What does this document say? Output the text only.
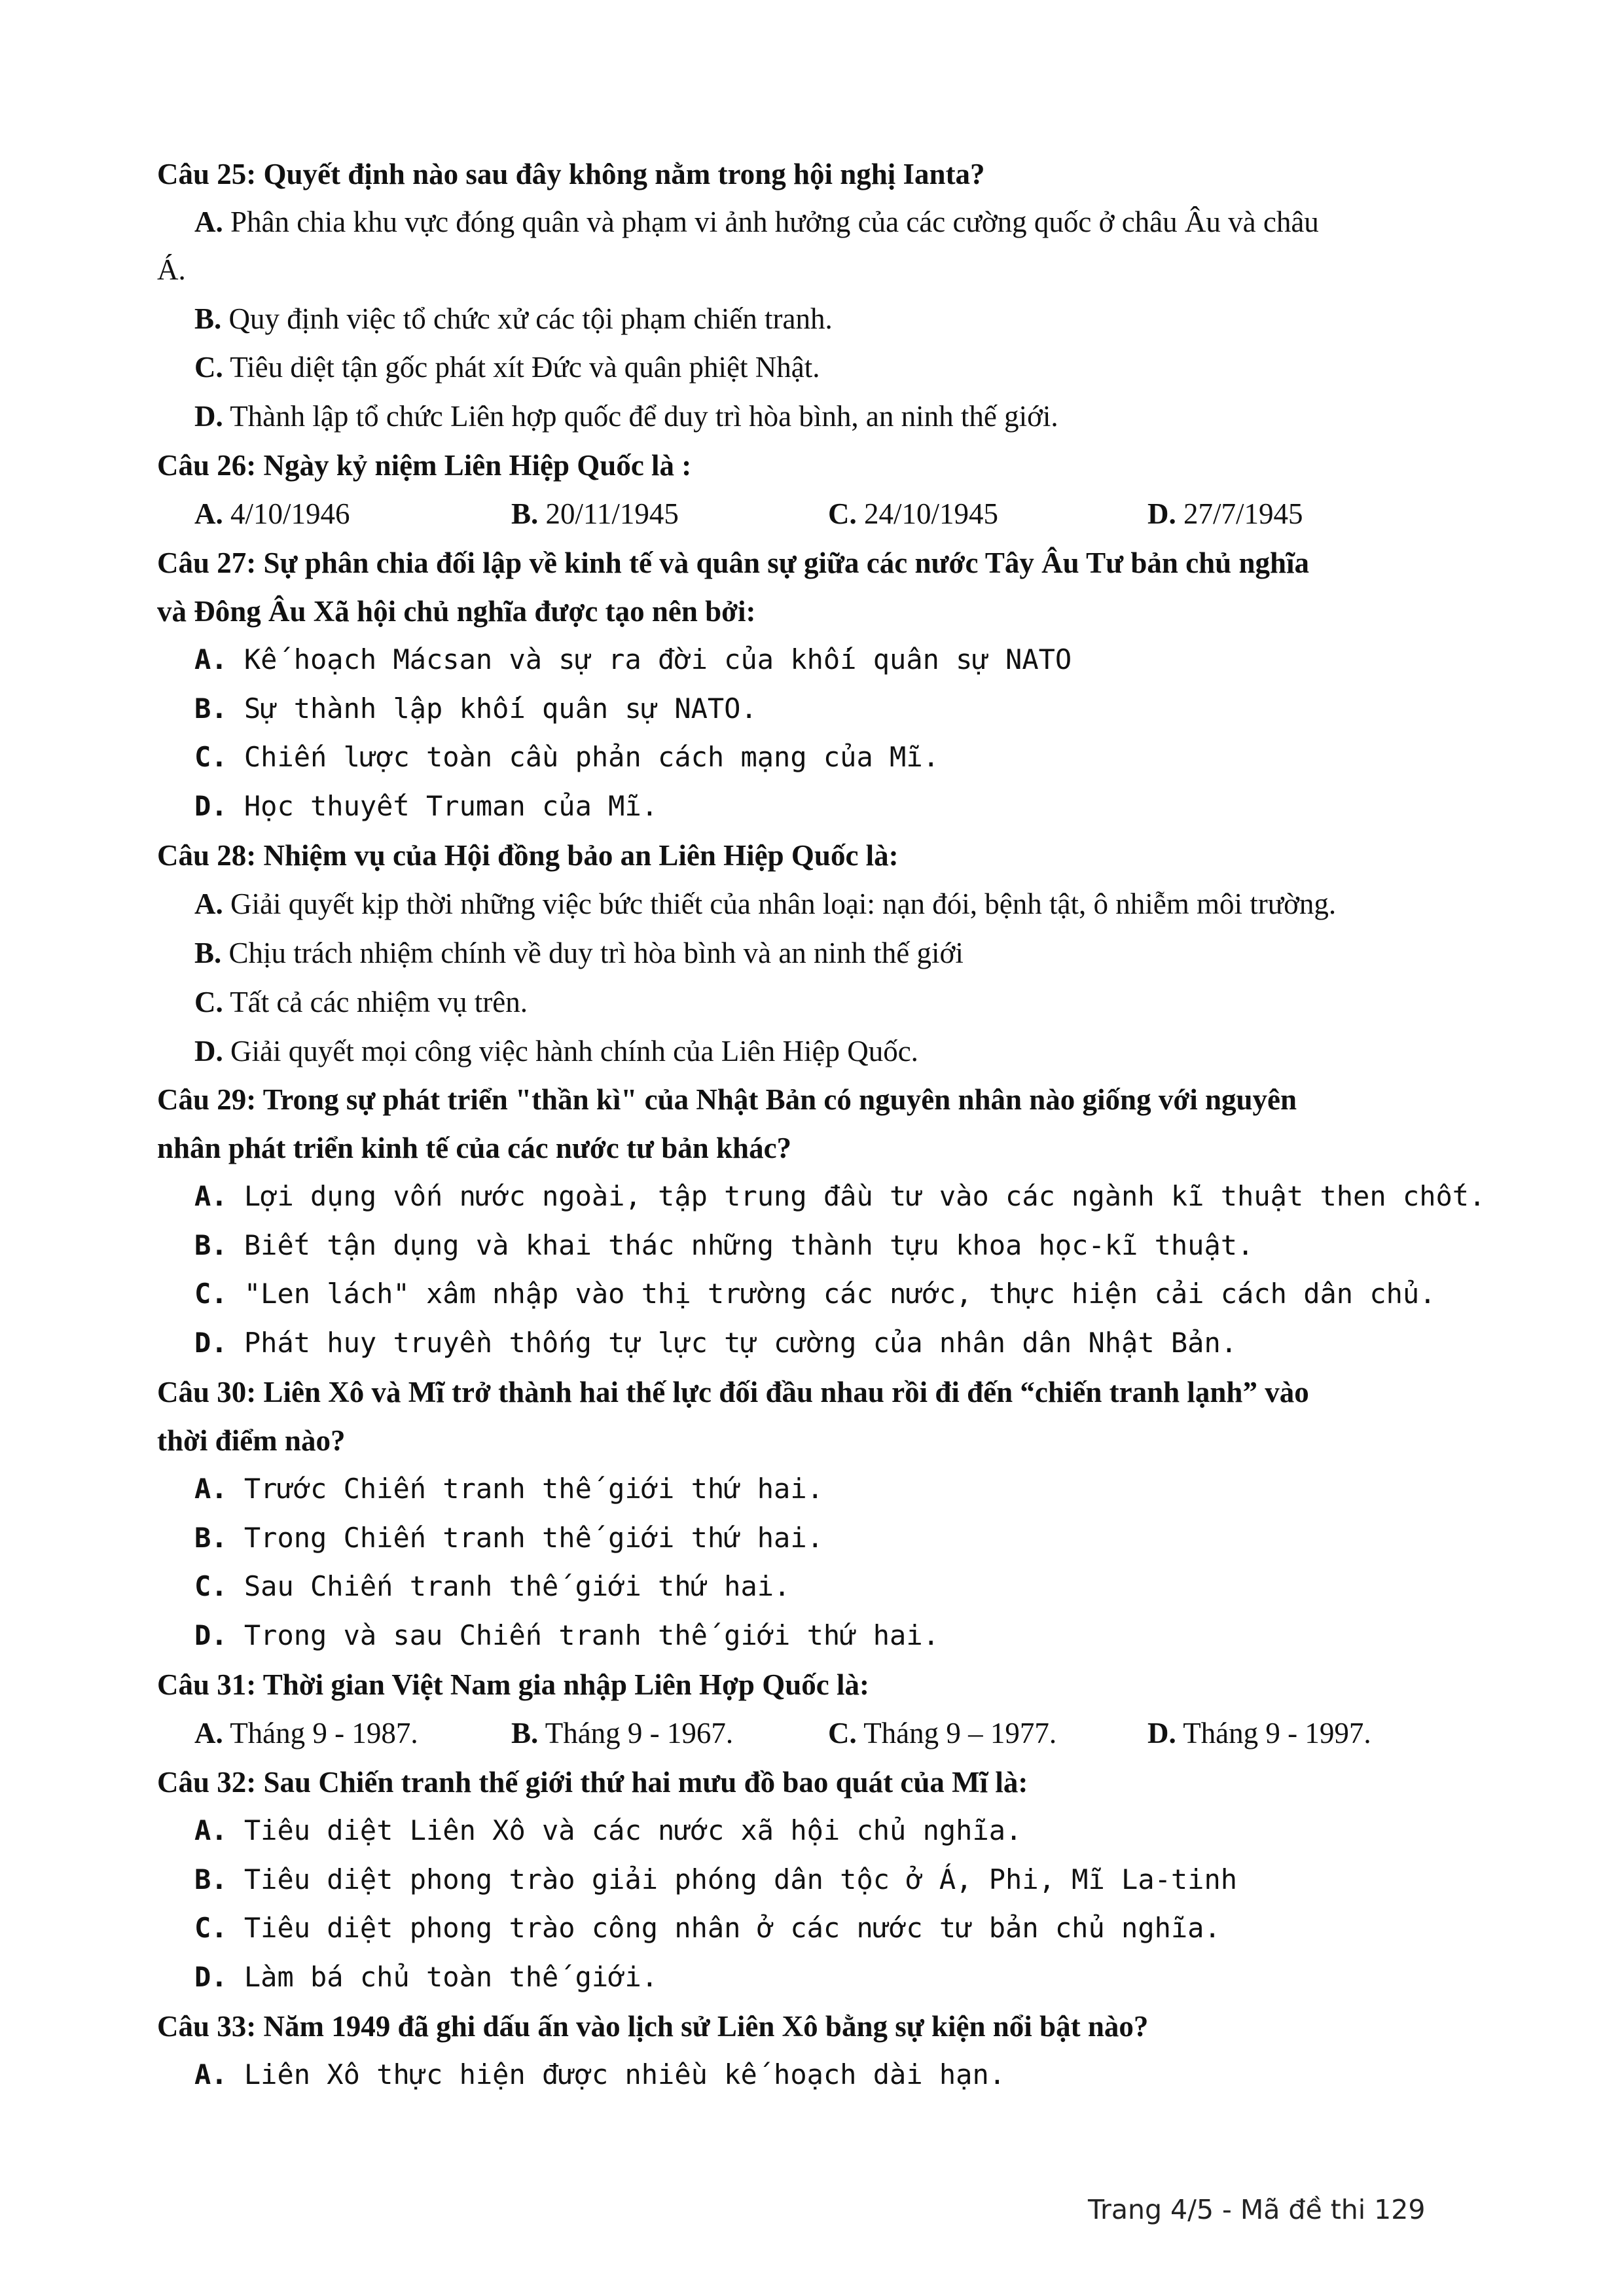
Câu 25: Quyết định nào sau đây không nằm trong hội nghị Ianta?
A. Phân chia khu vực đóng quân và phạm vi ảnh hưởng của các cường quốc ở châu Âu và châu
Á.
B. Quy định việc tổ chức xử các tội phạm chiến tranh.
C. Tiêu diệt tận gốc phát xít Đức và quân phiệt Nhật.
D. Thành lập tổ chức Liên hợp quốc để duy trì hòa bình, an ninh thế giới.
Câu 26: Ngày kỷ niệm Liên Hiệp Quốc là :
A. 4/10/1946	B. 20/11/1945	C. 24/10/1945	D. 27/7/1945
Câu 27: Sự phân chia đối lập về kinh tế và quân sự giữa các nước Tây Âu Tư bản chủ nghĩa
và Đông Âu Xã hội chủ nghĩa được tạo nên bởi:
A. Kế hoạch Mácsan và sự ra đời của khối quân sự NATO
B. Sự thành lập khối quân sự NATO.
C. Chiến lược toàn cầu phản cách mạng của Mĩ.
D. Học thuyết Truman của Mĩ.
Câu 28: Nhiệm vụ của Hội đồng bảo an Liên Hiệp Quốc là:
A. Giải quyết kịp thời những việc bức thiết của nhân loại: nạn đói, bệnh tật, ô nhiễm môi trường.
B. Chịu trách nhiệm chính về duy trì hòa bình và an ninh thế giới
C. Tất cả các nhiệm vụ trên.
D. Giải quyết mọi công việc hành chính của Liên Hiệp Quốc.
Câu 29: Trong sự phát triển "thần kì" của Nhật Bản có nguyên nhân nào giống với nguyên
nhân phát triển kinh tế của các nước tư bản khác?
A. Lợi dụng vốn nước ngoài, tập trung đầu tư vào các ngành kĩ thuật then chốt.
B. Biết tận dụng và khai thác những thành tựu khoa học-kĩ thuật.
C. "Len lách" xâm nhập vào thị trường các nước, thực hiện cải cách dân chủ.
D. Phát huy truyền thống tự lực tự cường của nhân dân Nhật Bản.
Câu 30: Liên Xô và Mĩ trở thành hai thế lực đối đầu nhau rồi đi đến “chiến tranh lạnh” vào
thời điểm nào?
A. Trước Chiến tranh thế giới thứ hai.
B. Trong Chiến tranh thế giới thứ hai.
C. Sau Chiến tranh thế giới thứ hai.
D. Trong và sau Chiến tranh thế giới thứ hai.
Câu 31: Thời gian Việt Nam gia nhập Liên Hợp Quốc là:
A. Tháng 9 - 1987.	B. Tháng 9 - 1967.	C. Tháng 9 – 1977.	D. Tháng 9 - 1997.
Câu 32: Sau Chiến tranh thế giới thứ hai mưu đồ bao quát của Mĩ là:
A. Tiêu diệt Liên Xô và các nước xã hội chủ nghĩa.
B. Tiêu diệt phong trào giải phóng dân tộc ở Á, Phi, Mĩ La-tinh
C. Tiêu diệt phong trào công nhân ở các nước tư bản chủ nghĩa.
D. Làm bá chủ toàn thế giới.
Câu 33: Năm 1949 đã ghi dấu ấn vào lịch sử Liên Xô bằng sự kiện nổi bật nào?
A. Liên Xô thực hiện được nhiều kế hoạch dài hạn.
Trang 4/5 - Mã đề thi 129
